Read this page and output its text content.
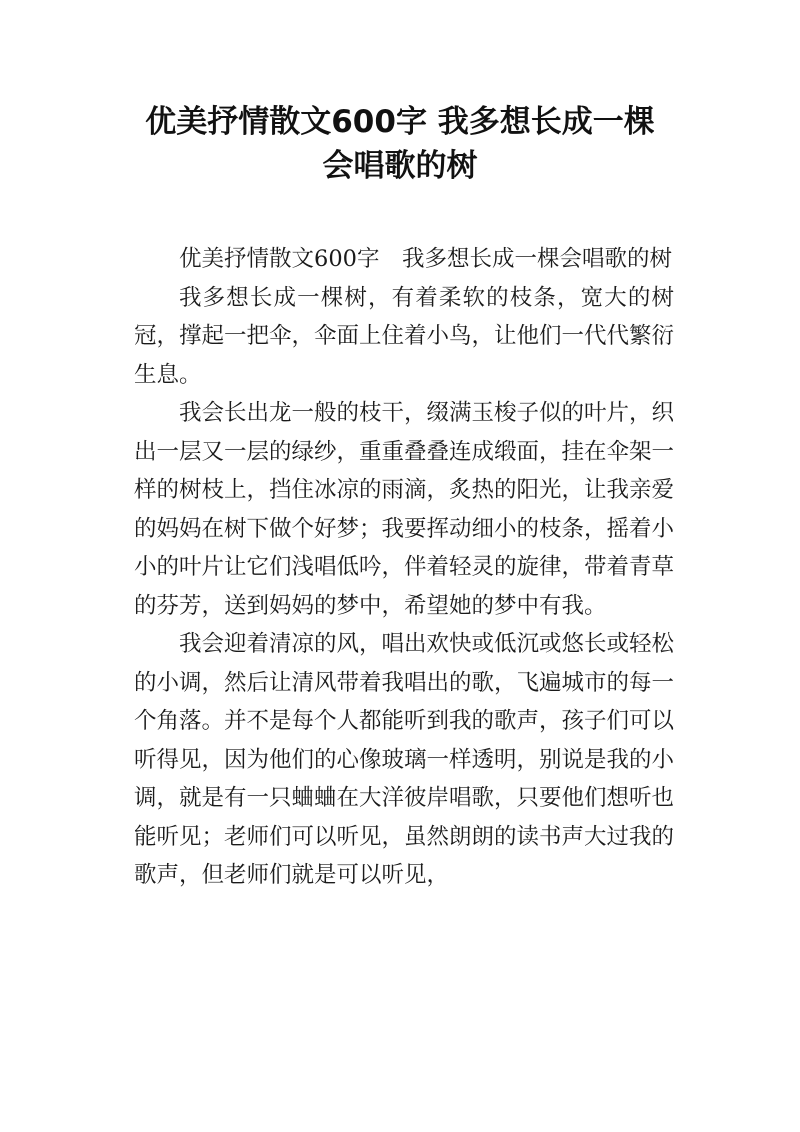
优美抒情散文600字 我多想长成一棵
会唱歌的树

优美抒情散文600字　我多想长成一棵会唱歌的树

我多想长成一棵树，有着柔软的枝条，宽大的树冠，撑起一把伞，伞面上住着小鸟，让他们一代代繁衍生息。

我会长出龙一般的枝干，缀满玉梭子似的叶片，织出一层又一层的绿纱，重重叠叠连成缎面，挂在伞架一样的树枝上，挡住冰凉的雨滴，炙热的阳光，让我亲爱的妈妈在树下做个好梦；我要挥动细小的枝条，摇着小小的叶片让它们浅唱低吟，伴着轻灵的旋律，带着青草的芬芳，送到妈妈的梦中，希望她的梦中有我。

我会迎着清凉的风，唱出欢快或低沉或悠长或轻松的小调，然后让清风带着我唱出的歌，飞遍城市的每一个角落。并不是每个人都能听到我的歌声，孩子们可以听得见，因为他们的心像玻璃一样透明，别说是我的小调，就是有一只蛐蛐在大洋彼岸唱歌，只要他们想听也能听见；老师们可以听见，虽然朗朗的读书声大过我的歌声，但老师们就是可以听见，
